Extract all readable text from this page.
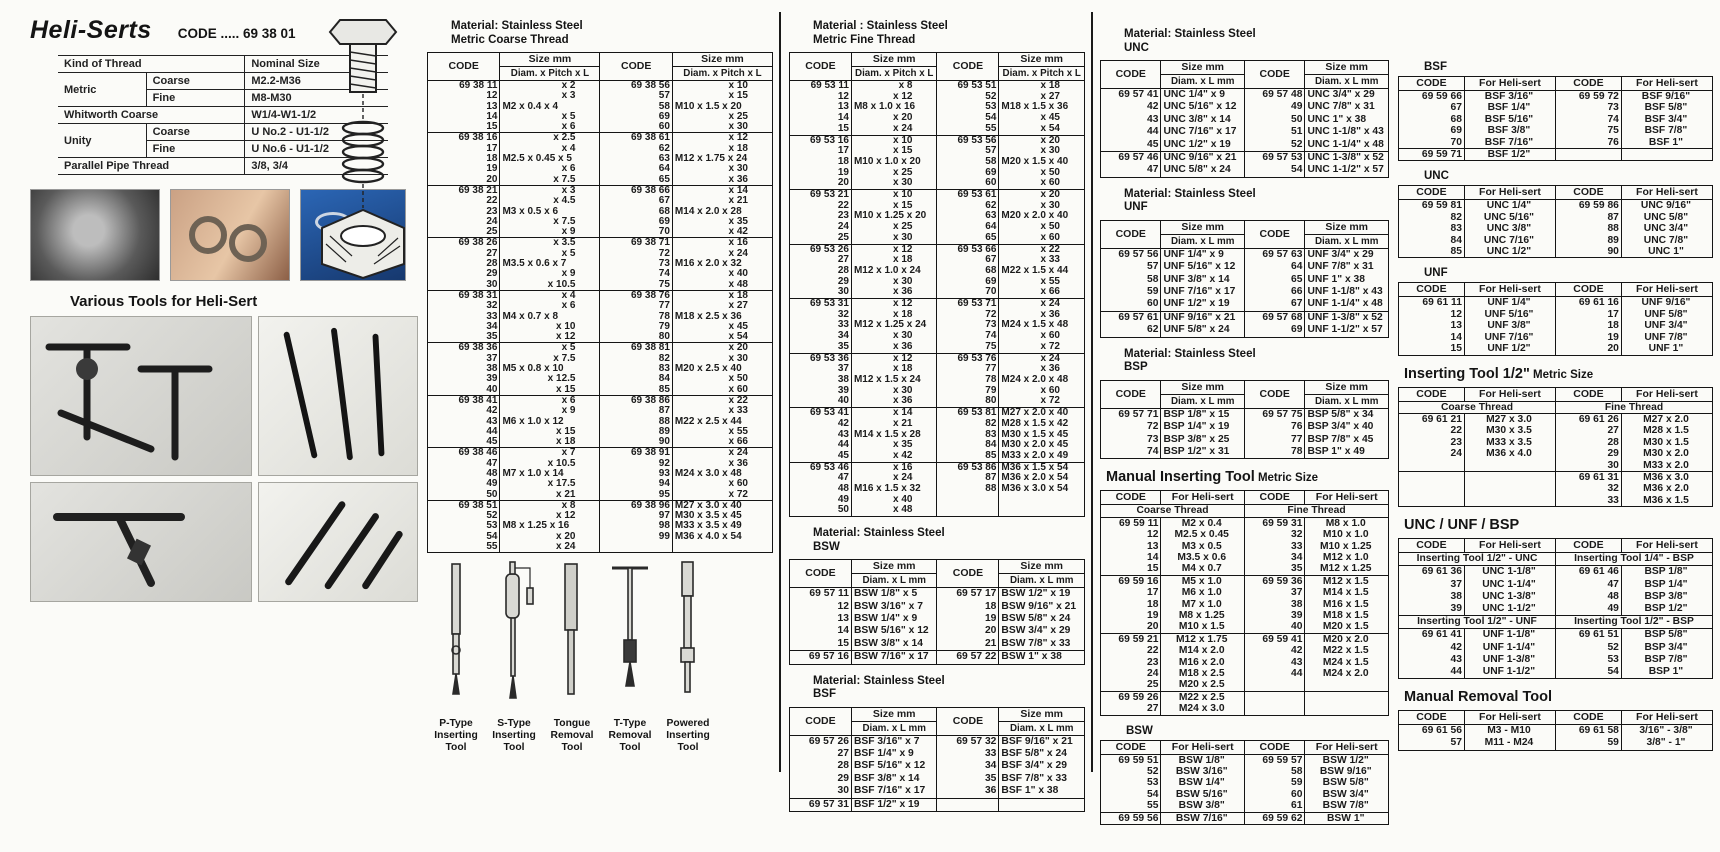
Heli-Serts CODE ..... 69 38 01
Kind of Thread		Nominal Size
Metric	Coarse	M2.2-M36
	Fine	M8-M30
Whitworth Coarse		W1/4-W1-1/2
Unity	Coarse	U No.2 - U1-1/2
	Fine	U No.6 - U1-1/2
Parallel Pipe Thread		3/8, 3/4
Various Tools for Heli-Sert
Material: Stainless Steel
Metric Coarse Thread
CODE	Size mm	CODE	Size mm
	Diam. x Pitch x L		Diam. x Pitch x L
69 38 11	x 2	69 38 56	x 10
12	x 3	57	x 15
13	M2 x 0.4 x 4	58	M10 x 1.5 x 20
14	x 5	69	x 25
15	x 6	60	x 30
69 38 16	x 2.5	69 38 61	x 12
17	x 4	62	x 18
18	M2.5 x 0.45 x 5	63	M12 x 1.75 x 24
19	x 6	64	x 30
20	x 7.5	65	x 36
69 38 21	x 3	69 38 66	x 14
22	x 4.5	67	x 21
23	M3 x 0.5 x 6	68	M14 x 2.0 x 28
24	x 7.5	69	x 35
25	x 9	70	x 42
69 38 26	x 3.5	69 38 71	x 16
27	x 5	72	x 24
28	M3.5 x 0.6 x 7	73	M16 x 2.0 x 32
29	x 9	74	x 40
30	x 10.5	75	x 48
69 38 31	x 4	69 38 76	x 18
32	x 6	77	x 27
33	M4 x 0.7 x 8	78	M18 x 2.5 x 36
34	x 10	79	x 45
35	x 12	80	x 54
69 38 36	x 5	69 38 81	x 20
37	x 7.5	82	x 30
38	M5 x 0.8 x 10	83	M20 x 2.5 x 40
39	x 12.5	84	x 50
40	x 15	85	x 60
69 38 41	x 6	69 38 86	x 22
42	x 9	87	x 33
43	M6 x 1.0 x 12	88	M22 x 2.5 x 44
44	x 15	89	x 55
45	x 18	90	x 66
69 38 46	x 7	69 38 91	x 24
47	x 10.5	92	x 36
48	M7 x 1.0 x 14	93	M24 x 3.0 x 48
49	x 17.5	94	x 60
50	x 21	95	x 72
69 38 51	x 8	69 38 96	M27 x 3.0 x 40
52	x 12	97	M30 x 3.5 x 45
53	M8 x 1.25 x 16	98	M33 x 3.5 x 49
54	x 20	99	M36 x 4.0 x 54
55	x 24		
Material : Stainless Steel
Metric Fine Thread
CODE	Size mm	CODE	Size mm
	Diam. x Pitch x L		Diam. x Pitch x L
69 53 11	x 8	69 53 51	x 18
12	x 12	52	x 27
13	M8 x 1.0 x 16	53	M18 x 1.5 x 36
14	x 20	54	x 45
15	x 24	55	x 54
69 53 16	x 10	69 53 56	x 20
17	x 15	57	x 30
18	M10 x 1.0 x 20	58	M20 x 1.5 x 40
19	x 25	69	x 50
20	x 30	60	x 60
69 53 21	x 10	69 53 61	x 20
22	x 15	62	x 30
23	M10 x 1.25 x 20	63	M20 x 2.0 x 40
24	x 25	64	x 50
25	x 30	65	x 60
69 53 26	x 12	69 53 66	x 22
27	x 18	67	x 33
28	M12 x 1.0 x 24	68	M22 x 1.5 x 44
29	x 30	69	x 55
30	x 36	70	x 66
69 53 31	x 12	69 53 71	x 24
32	x 18	72	x 36
33	M12 x 1.25 x 24	73	M24 x 1.5 x 48
34	x 30	74	x 60
35	x 36	75	x 72
69 53 36	x 12	69 53 76	x 24
37	x 18	77	x 36
38	M12 x 1.5 x 24	78	M24 x 2.0 x 48
39	x 30	79	x 60
40	x 36	80	x 72
69 53 41	x 14	69 53 81	M27 x 2.0 x 40
42	x 21	82	M28 x 1.5 x 42
43	M14 x 1.5 x 28	83	M30 x 1.5 x 45
44	x 35	84	M30 x 2.0 x 45
45	x 42	85	M33 x 2.0 x 49
69 53 46	x 16	69 53 86	M36 x 1.5 x 54
47	x 24	87	M36 x 2.0 x 54
48	M16 x 1.5 x 32	88	M36 x 3.0 x 54
49	x 40		
50	x 48		
Material: Stainless Steel
BSW
CODE	Size mm	CODE	Size mm
	Diam. x L mm		Diam. x L mm
69 57 11	BSW 1/8" x 5	69 57 17	BSW 1/2" x 19
12	BSW 3/16" x 7	18	BSW 9/16" x 21
13	BSW 1/4" x 9	19	BSW 5/8" x 24
14	BSW 5/16" x 12	20	BSW 3/4" x 29
15	BSW 3/8" x 14	21	BSW 7/8" x 33
69 57 16	BSW 7/16" x 17	69 57 22	BSW 1" x 38
Material: Stainless Steel
BSF
CODE	Size mm	CODE	Size mm
	Diam. x L mm		Diam. x L mm
69 57 26	BSF 3/16" x 7	69 57 32	BSF 9/16" x 21
27	BSF 1/4" x 9	33	BSF 5/8" x 24
28	BSF 5/16" x 12	34	BSF 3/4" x 29
29	BSF 3/8" x 14	35	BSF 7/8" x 33
30	BSF 7/16" x 17	36	BSF 1" x 38
69 57 31	BSF 1/2" x 19		
Material: Stainless Steel
UNC
CODE	Size mm	CODE	Size mm
	Diam. x L mm		Diam. x L mm
69 57 41	UNC 1/4" x 9	69 57 48	UNC 3/4" x 29
42	UNC 5/16" x 12	49	UNC 7/8" x 31
43	UNC 3/8" x 14	50	UNC 1" x 38
44	UNC 7/16" x 17	51	UNC 1-1/8" x 43
45	UNC 1/2" x 19	52	UNC 1-1/4" x 48
69 57 46	UNC 9/16" x 21	69 57 53	UNC 1-3/8" x 52
47	UNC 5/8" x 24	54	UNC 1-1/2" x 57
Material: Stainless Steel
UNF
CODE	Size mm	CODE	Size mm
	Diam. x L mm		Diam. x L mm
69 57 56	UNF 1/4" x 9	69 57 63	UNF 3/4" x 29
57	UNF 5/16" x 12	64	UNF 7/8" x 31
58	UNF 3/8" x 14	65	UNF 1" x 38
59	UNF 7/16" x 17	66	UNF 1-1/8" x 43
60	UNF 1/2" x 19	67	UNF 1-1/4" x 48
69 57 61	UNF 9/16" x 21	69 57 68	UNF 1-3/8" x 52
62	UNF 5/8" x 24	69	UNF 1-1/2" x 57
Material: Stainless Steel
BSP
CODE	Size mm	CODE	Size mm
	Diam. x L mm		Diam. x L mm
69 57 71	BSP 1/8" x 15	69 57 75	BSP 5/8" x 34
72	BSP 1/4" x 19	76	BSP 3/4" x 40
73	BSP 3/8" x 25	77	BSP 7/8" x 45
74	BSP 1/2" x 31	78	BSP 1" x 49
Manual Inserting Tool Metric Size
CODE	For Heli-sert	CODE	For Heli-sert
Coarse Thread		Fine Thread	
69 59 11	M2 x 0.4	69 59 31	M8 x 1.0
12	M2.5 x 0.45	32	M10 x 1.0
13	M3 x 0.5	33	M10 x 1.25
14	M3.5 x 0.6	34	M12 x 1.0
15	M4 x 0.7	35	M12 x 1.25
69 59 16	M5 x 1.0	69 59 36	M12 x 1.5
17	M6 x 1.0	37	M14 x 1.5
18	M7 x 1.0	38	M16 x 1.5
19	M8 x 1.25	39	M18 x 1.5
20	M10 x 1.5	40	M20 x 1.5
69 59 21	M12 x 1.75	69 59 41	M20 x 2.0
22	M14 x 2.0	42	M22 x 1.5
23	M16 x 2.0	43	M24 x 1.5
24	M18 x 2.5	44	M24 x 2.0
25	M20 x 2.5		
69 59 26	M22 x 2.5		
27	M24 x 3.0		
BSW
CODE	For Heli-sert	CODE	For Heli-sert
69 59 51	BSW 1/8"	69 59 57	BSW 1/2"
52	BSW 3/16"	58	BSW 9/16"
53	BSW 1/4"	59	BSW 5/8"
54	BSW 5/16"	60	BSW 3/4"
55	BSW 3/8"	61	BSW 7/8"
69 59 56	BSW 7/16"	69 59 62	BSW 1"
BSF
CODE	For Heli-sert	CODE	For Heli-sert
69 59 66	BSF 3/16"	69 59 72	BSF 9/16"
67	BSF 1/4"	73	BSF 5/8"
68	BSF 5/16"	74	BSF 3/4"
69	BSF 3/8"	75	BSF 7/8"
70	BSF 7/16"	76	BSF 1"
69 59 71	BSF 1/2"		
UNC
CODE	For Heli-sert	CODE	For Heli-sert
69 59 81	UNC 1/4"	69 59 86	UNC 9/16"
82	UNC 5/16"	87	UNC 5/8"
83	UNC 3/8"	88	UNC 3/4"
84	UNC 7/16"	89	UNC 7/8"
85	UNC 1/2"	90	UNC 1"
UNF
CODE	For Heli-sert	CODE	For Heli-sert
69 61 11	UNF 1/4"	69 61 16	UNF 9/16"
12	UNF 5/16"	17	UNF 5/8"
13	UNF 3/8"	18	UNF 3/4"
14	UNF 7/16"	19	UNF 7/8"
15	UNF 1/2"	20	UNF 1"
Inserting Tool 1/2" Metric Size
CODE	For Heli-sert	CODE	For Heli-sert
Coarse Thread		Fine Thread	
69 61 21	M27 x 3.0	69 61 26	M27 x 2.0
22	M30 x 3.5	27	M28 x 1.5
23	M33 x 3.5	28	M30 x 1.5
24	M36 x 4.0	29	M30 x 2.0
		30	M33 x 2.0
		69 61 31	M36 x 3.0
		32	M36 x 2.0
		33	M36 x 1.5
UNC / UNF / BSP
CODE	For Heli-sert	CODE	For Heli-sert
Inserting Tool 1/2" - UNC		Inserting Tool 1/4" - BSP	
69 61 36	UNC 1-1/8"	69 61 46	BSP 1/8"
37	UNC 1-1/4"	47	BSP 1/4"
38	UNC 1-3/8"	48	BSP 3/8"
39	UNC 1-1/2"	49	BSP 1/2"
Inserting Tool 1/2" - UNF		Inserting Tool 1/2" - BSP	
69 61 41	UNF 1-1/8"	69 61 51	BSP 5/8"
42	UNF 1-1/4"	52	BSP 3/4"
43	UNF 1-3/8"	53	BSP 7/8"
44	UNF 1-1/2"	54	BSP 1"
Manual Removal Tool
CODE	For Heli-sert	CODE	For Heli-sert
69 61 56	M3 - M10	69 61 58	3/16" - 3/8"
57	M11 - M24	59	3/8" - 1"
P-Type Inserting Tool
S-Type Inserting Tool
Tongue Removal Tool
T-Type Removal Tool
Powered Inserting Tool
